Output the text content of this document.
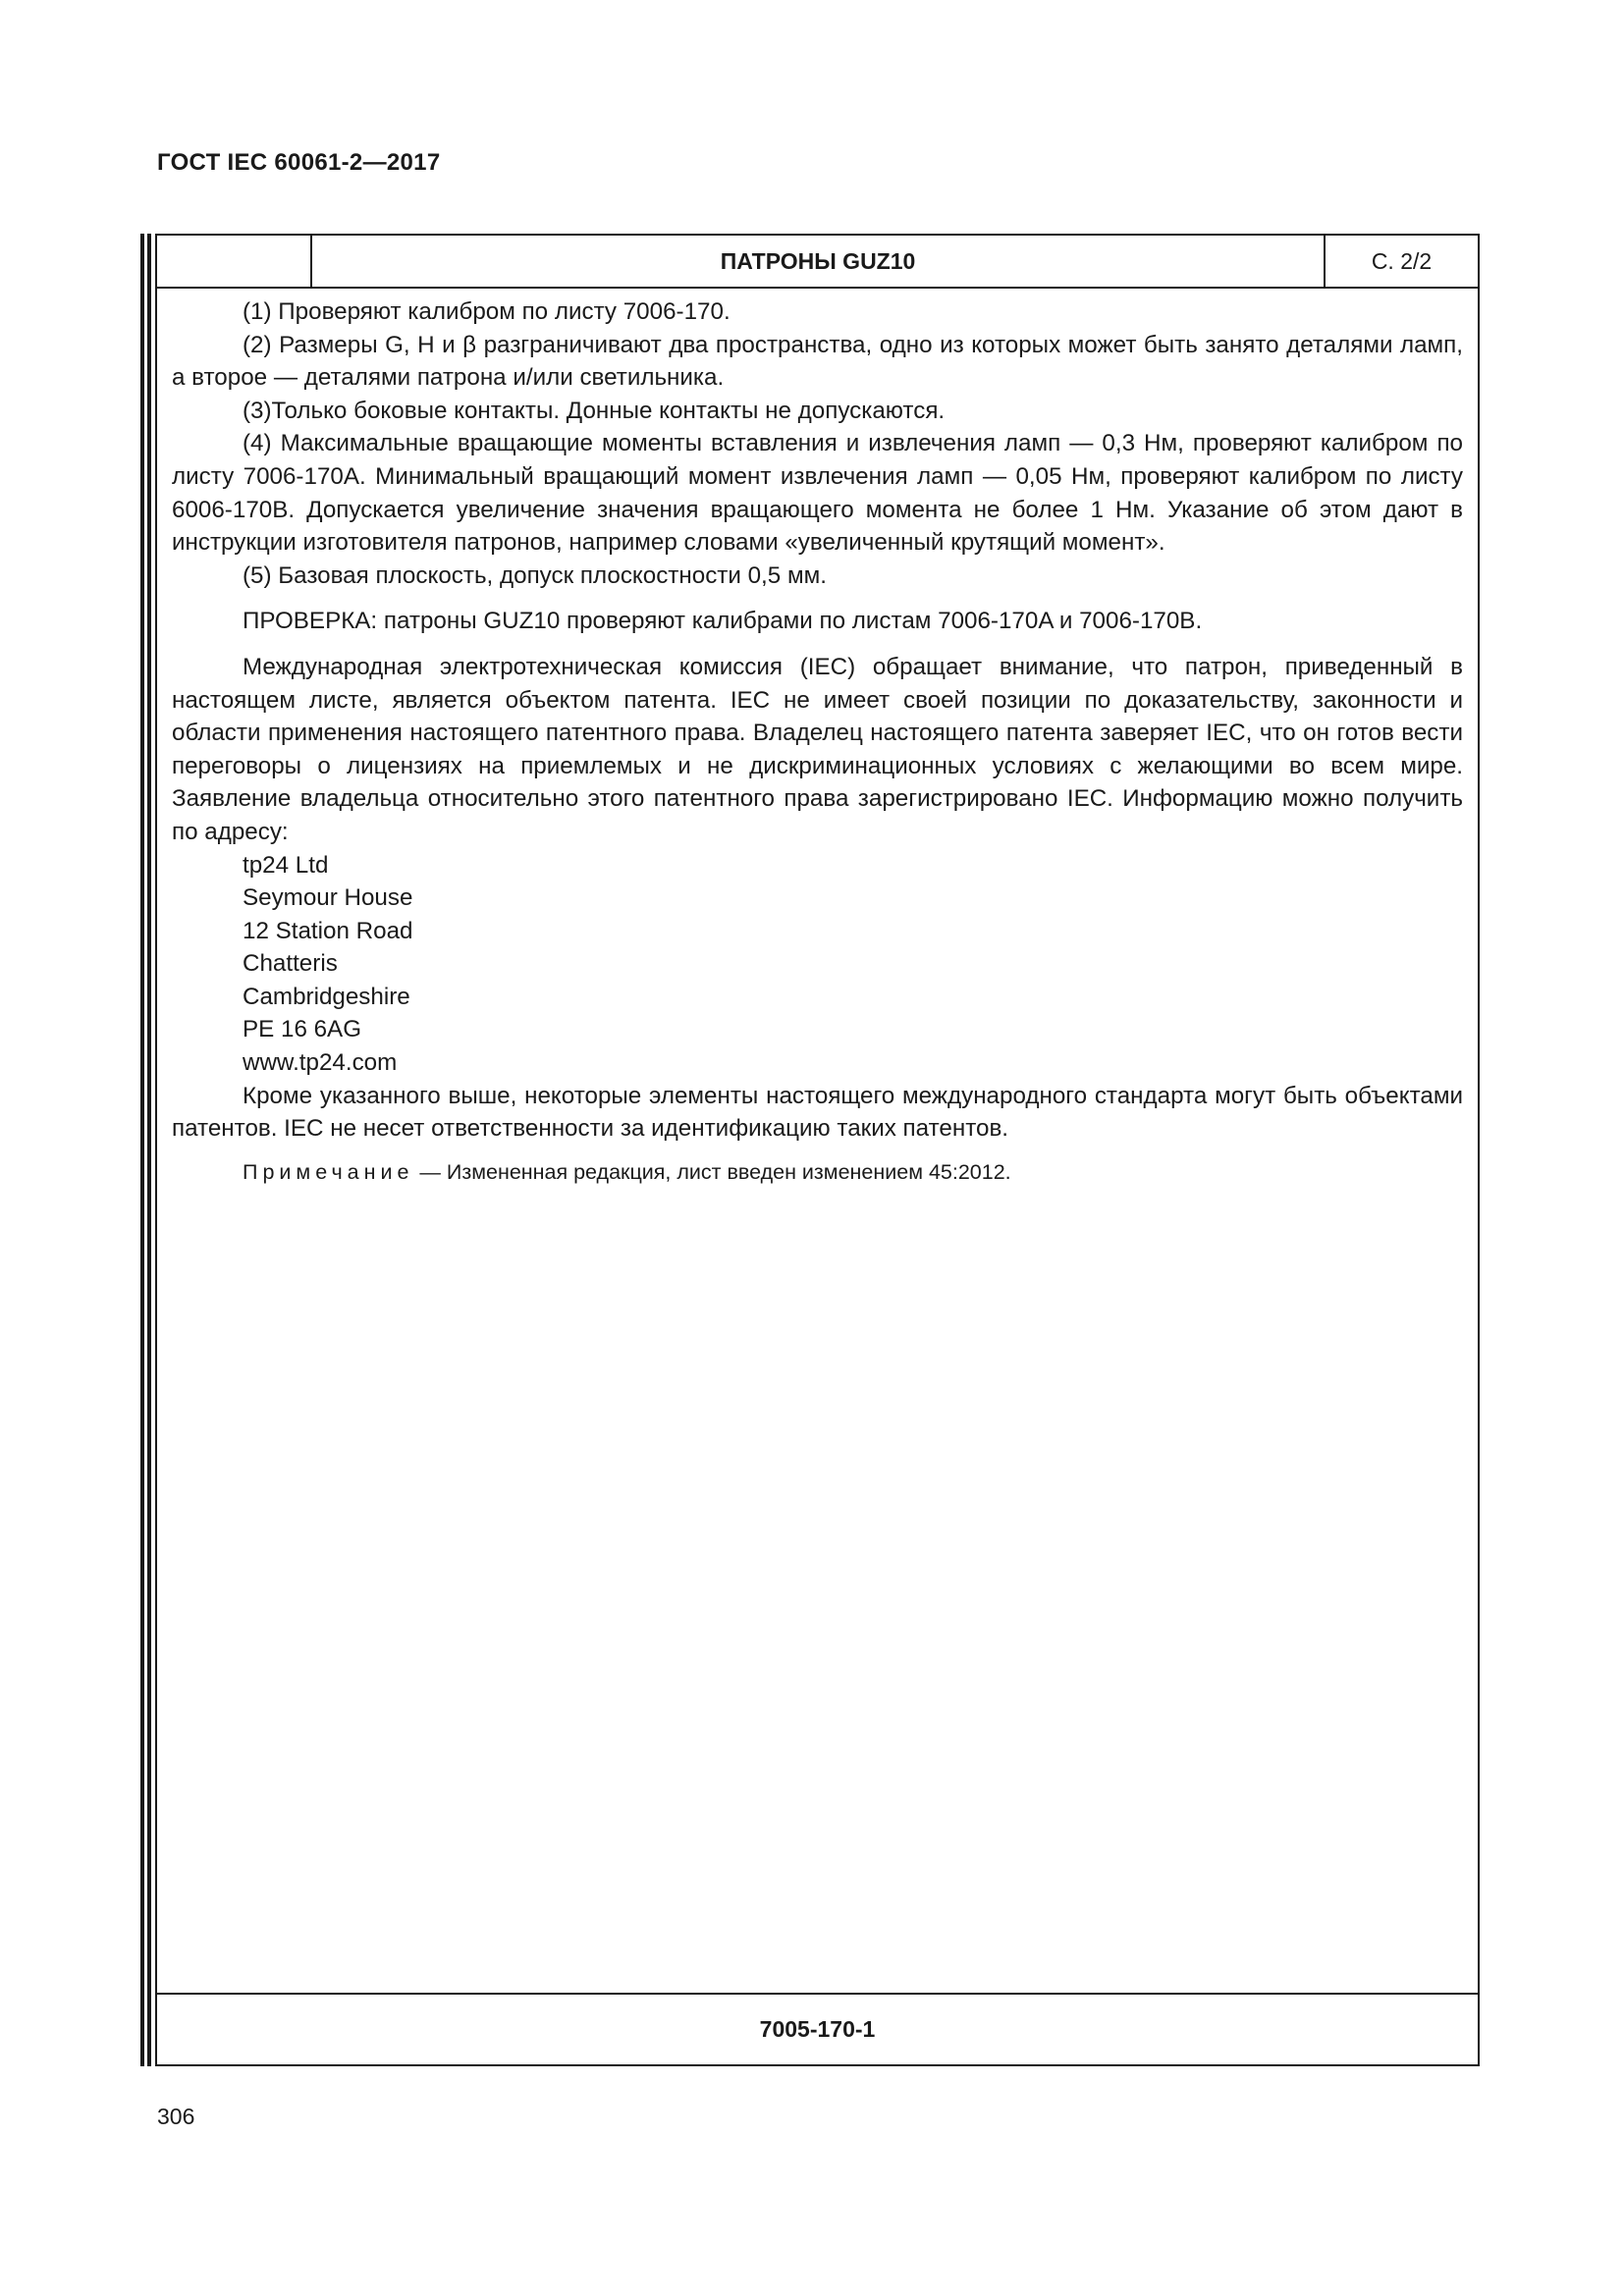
ГОСТ IEC 60061-2—2017
ПАТРОНЫ GUZ10	С. 2/2

(1) Проверяют калибром по листу 7006-170.

(2) Размеры G, H и β разграничивают два пространства, одно из которых может быть занято деталями ламп, а второе — деталями патрона и/или светильника.

(3)Только боковые контакты. Донные контакты не допускаются.

(4) Максимальные вращающие моменты вставления и извлечения ламп — 0,3 Нм, проверяют калибром по листу 7006-170A. Минимальный вращающий момент извлечения ламп — 0,05 Нм, проверяют калибром по листу 6006-170B. Допускается увеличение значения вращающего момента не более 1 Нм. Указание об этом дают в инструкции изготовителя патронов, например словами «увеличенный крутящий момент».

(5) Базовая плоскость, допуск плоскостности 0,5 мм.

ПРОВЕРКА: патроны GUZ10 проверяют калибрами по листам 7006-170A и 7006-170B.

Международная электротехническая комиссия (IEC) обращает внимание, что патрон, приведенный в настоящем листе, является объектом патента. IEC не имеет своей позиции по доказательству, законности и области применения настоящего патентного права. Владелец настоящего патента заверяет IEC, что он готов вести переговоры о лицензиях на приемлемых и не дискриминационных условиях с желающими во всем мире. Заявление владельца относительно этого патентного права зарегистрировано IEC. Информацию можно получить по адресу:

tp24 Ltd
Seymour House
12 Station Road
Chatteris
Cambridgeshire
PE 16 6AG
www.tp24.com

Кроме указанного выше, некоторые элементы настоящего международного стандарта могут быть объектами патентов. IEC не несет ответственности за идентификацию таких патентов.

Примечание — Измененная редакция, лист введен изменением 45:2012.

7005-170-1
306
